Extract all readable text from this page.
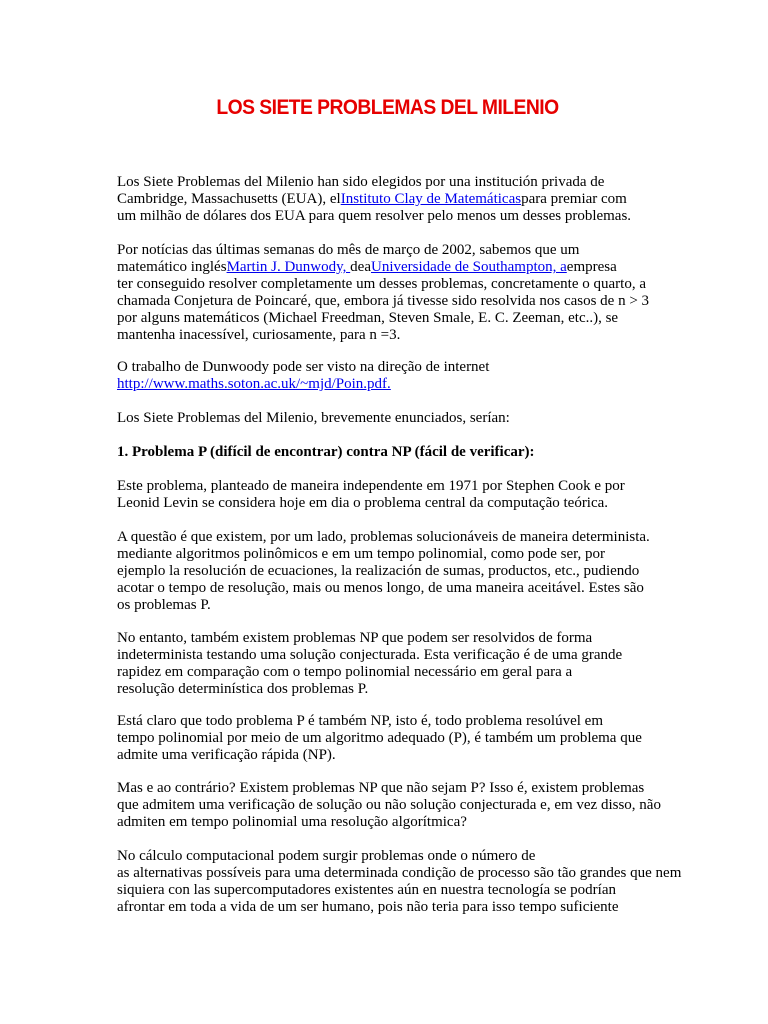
LOS SIETE PROBLEMAS DEL MILENIO
Los Siete Problemas del Milenio han sido elegidos por una institución privada de
Cambridge, Massachusetts (EUA), elInstituto Clay de Matemáticaspara premiar com
um milhão de dólares dos EUA para quem resolver pelo menos um desses problemas.
Por notícias das últimas semanas do mês de março de 2002, sabemos que um
matemático inglésMartin J. Dunwody, deaUniversidade de Southampton, aempresa
ter conseguido resolver completamente um desses problemas, concretamente o quarto, a
chamada Conjetura de Poincaré, que, embora já tivesse sido resolvida nos casos de n > 3
por alguns matemáticos (Michael Freedman, Steven Smale, E. C. Zeeman, etc..), se
mantenha inacessível, curiosamente, para n =3.
O trabalho de Dunwoody pode ser visto na direção de internet
http://www.maths.soton.ac.uk/~mjd/Poin.pdf.
Los Siete Problemas del Milenio, brevemente enunciados, serían:
1. Problema P (difícil de encontrar) contra NP (fácil de verificar):
Este problema, planteado de maneira independente em 1971 por Stephen Cook e por
Leonid Levin se considera hoje em dia o problema central da computação teórica.
A questão é que existem, por um lado, problemas solucionáveis de maneira determinista.
mediante algoritmos polinômicos e em um tempo polinomial, como pode ser, por
ejemplo la resolución de ecuaciones, la realización de sumas, productos, etc., pudiendo
acotar o tempo de resolução, mais ou menos longo, de uma maneira aceitável. Estes são
os problemas P.
No entanto, também existem problemas NP que podem ser resolvidos de forma
indeterminista testando uma solução conjecturada. Esta verificação é de uma grande
rapidez em comparação com o tempo polinomial necessário em geral para a
resolução determinística dos problemas P.
Está claro que todo problema P é também NP, isto é, todo problema resolúvel em
tempo polinomial por meio de um algoritmo adequado (P), é também um problema que
admite uma verificação rápida (NP).
Mas e ao contrário? Existem problemas NP que não sejam P? Isso é, existem problemas
que admitem uma verificação de solução ou não solução conjecturada e, em vez disso, não
admiten em tempo polinomial uma resolução algorítmica?
No cálculo computacional podem surgir problemas onde o número de
as alternativas possíveis para uma determinada condição de processo são tão grandes que nem
siquiera con las supercomputadores existentes aún en nuestra tecnología se podrían
afrontar em toda a vida de um ser humano, pois não teria para isso tempo suficiente
